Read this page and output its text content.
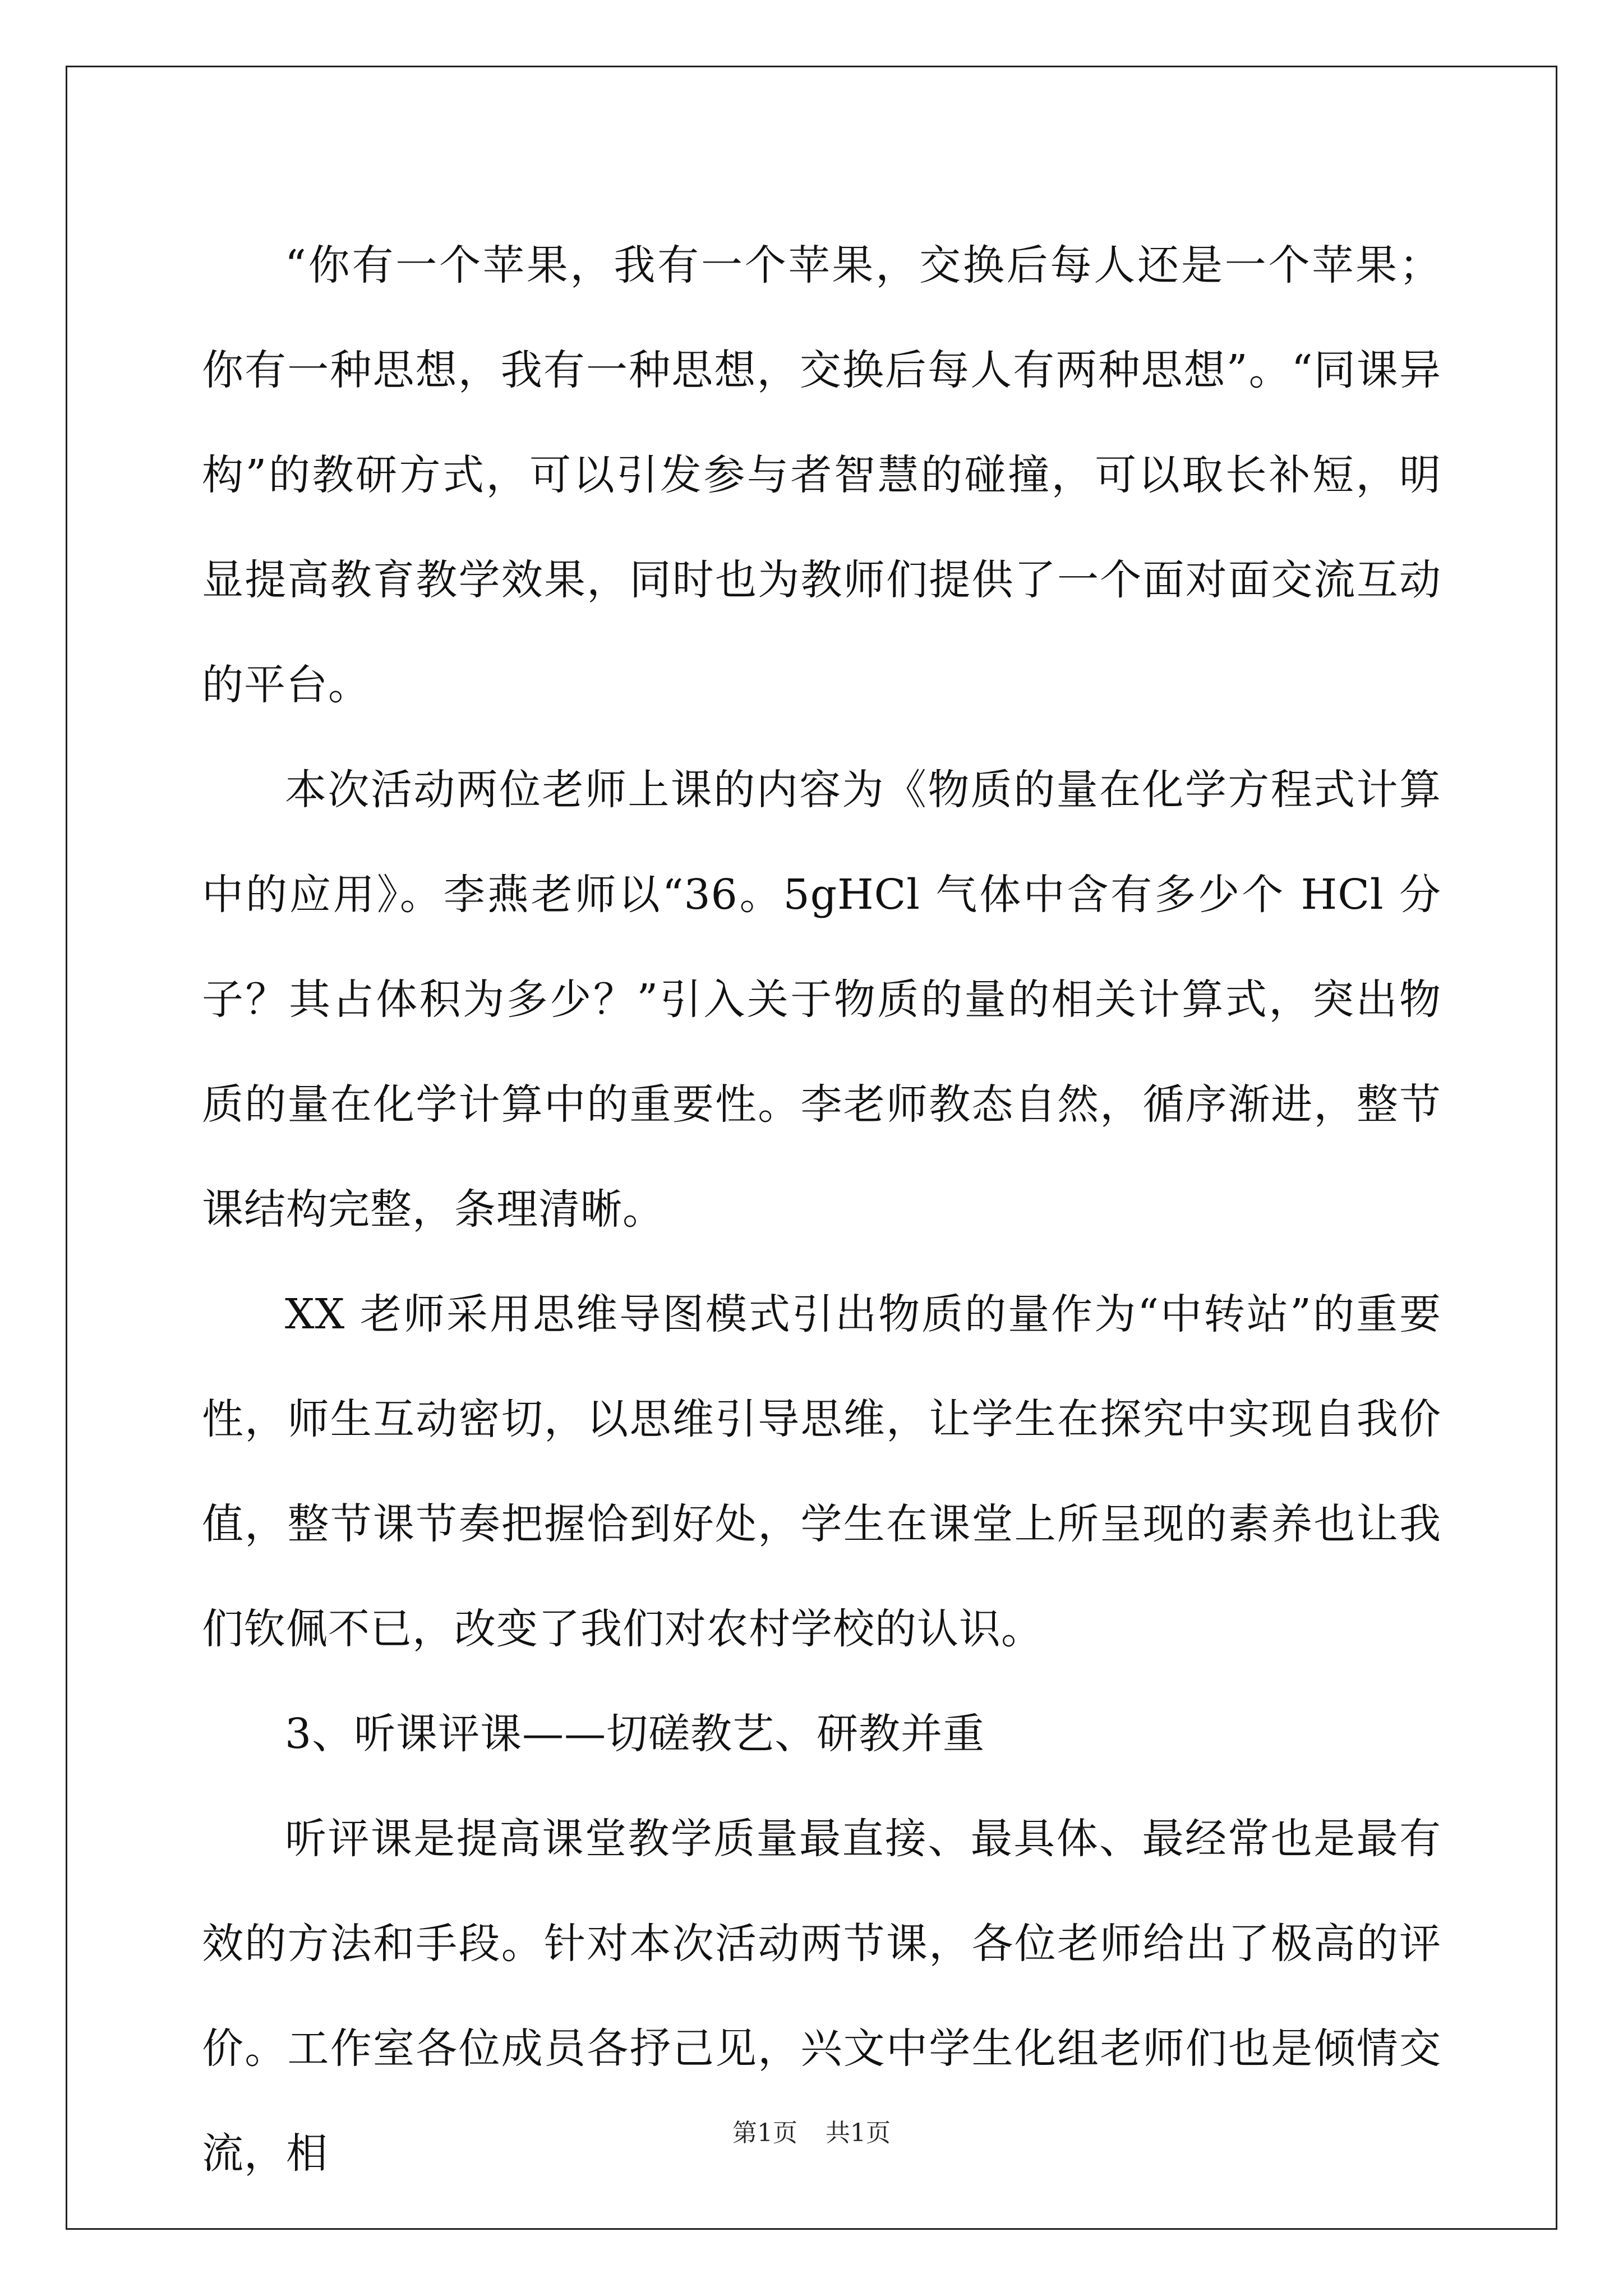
“你有一个苹果，我有一个苹果，交换后每人还是一个苹果；你有一种思想，我有一种思想，交换后每人有两种思想”。“同课异构”的教研方式，可以引发参与者智慧的碰撞，可以取长补短，明显提高教育教学效果，同时也为教师们提供了一个面对面交流互动的平台。

本次活动两位老师上课的内容为《物质的量在化学方程式计算中的应用》。李燕老师以“36。5gHCl 气体中含有多少个 HCl 分子？其占体积为多少？”引入关于物质的量的相关计算式，突出物质的量在化学计算中的重要性。李老师教态自然，循序渐进，整节课结构完整，条理清晰。

XX 老师采用思维导图模式引出物质的量作为“中转站”的重要性，师生互动密切，以思维引导思维，让学生在探究中实现自我价值，整节课节奏把握恰到好处，学生在课堂上所呈现的素养也让我们钦佩不已，改变了我们对农村学校的认识。

3、听课评课——切磋教艺、研教并重

听评课是提高课堂教学质量最直接、最具体、最经常也是最有效的方法和手段。针对本次活动两节课，各位老师给出了极高的评价。工作室各位成员各抒己见，兴文中学生化组老师们也是倾情交流，相	第1页 共1页
